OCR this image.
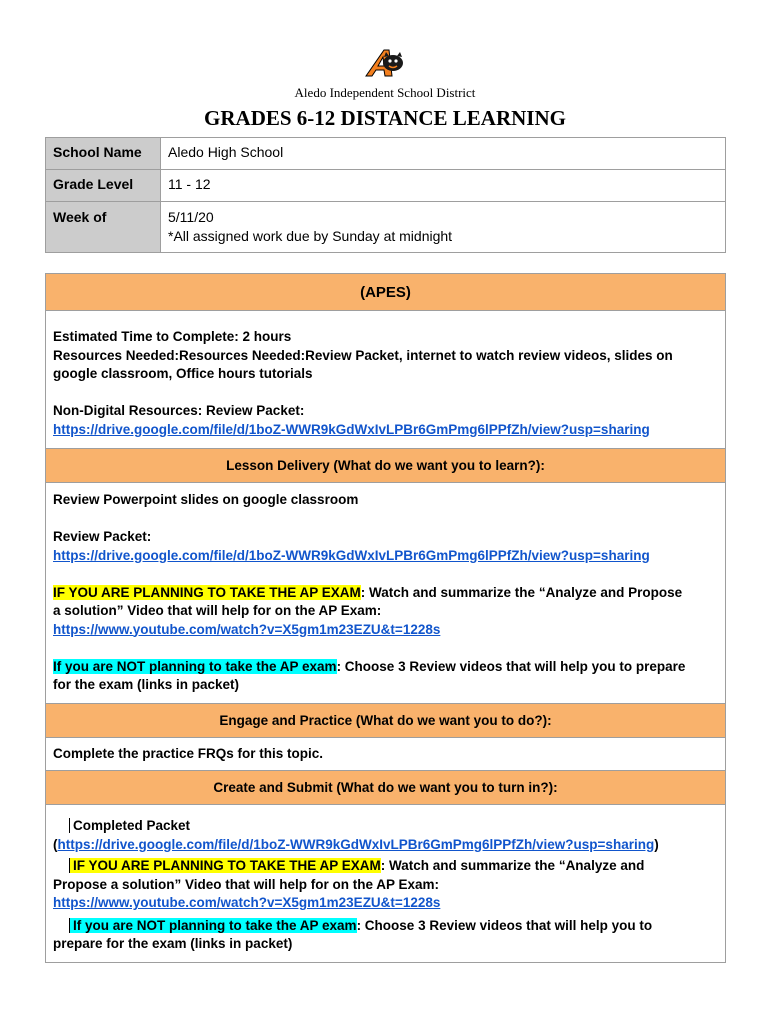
Aledo Independent School District
GRADES 6-12 DISTANCE LEARNING
School Name	Aledo High School
Grade Level	11 - 12
Week of	5/11/20
*All assigned work due by Sunday at midnight
(APES)

Estimated Time to Complete: 2 hours
Resources Needed:Resources Needed:Review Packet, internet to watch review videos, slides on
google classroom, Office hours tutorials
Non-Digital Resources: Review Packet:
https://drive.google.com/file/d/1boZ-WWR9kGdWxIvLPBr6GmPmg6lPPfZh/view?usp=sharing

Lesson Delivery (What do we want you to learn?):

Review Powerpoint slides on google classroom
Review Packet:
https://drive.google.com/file/d/1boZ-WWR9kGdWxIvLPBr6GmPmg6lPPfZh/view?usp=sharing
IF YOU ARE PLANNING TO TAKE THE AP EXAM: Watch and summarize the “Analyze and Propose
a solution” Video that will help for on the AP Exam:
https://www.youtube.com/watch?v=X5gm1m23EZU&t=1228s
If you are NOT planning to take the AP exam: Choose 3 Review videos that will help you to prepare
for the exam (links in packet)

Engage and Practice (What do we want you to do?):

Complete the practice FRQs for this topic.

Create and Submit (What do we want you to turn in?):

Completed Packet
(https://drive.google.com/file/d/1boZ-WWR9kGdWxIvLPBr6GmPmg6lPPfZh/view?usp=sharing)
IF YOU ARE PLANNING TO TAKE THE AP EXAM: Watch and summarize the “Analyze and
Propose a solution” Video that will help for on the AP Exam:
https://www.youtube.com/watch?v=X5gm1m23EZU&t=1228s
If you are NOT planning to take the AP exam: Choose 3 Review videos that will help you to
prepare for the exam (links in packet)
